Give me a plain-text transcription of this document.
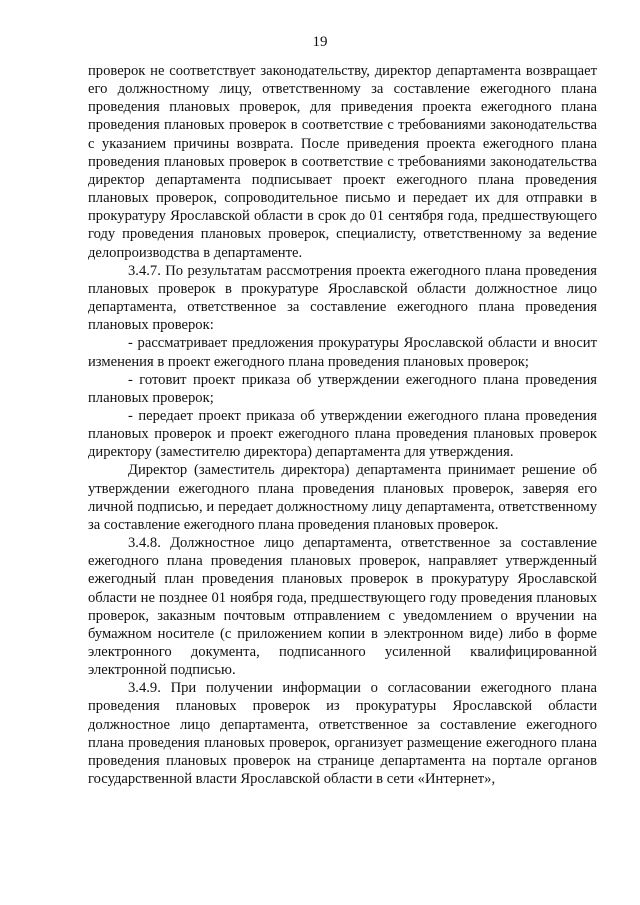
19

проверок не соответствует законодательству, директор департамента возвращает его должностному лицу, ответственному за составление ежегодного плана проведения плановых проверок, для приведения проекта ежегодного плана проведения плановых проверок в соответствие с требованиями законодательства с указанием причины возврата. После приведения проекта ежегодного плана проведения плановых проверок в соответствие с требованиями законодательства директор департамента подписывает проект ежегодного плана проведения плановых проверок, сопроводительное письмо и передает их для отправки в прокуратуру Ярославской области в срок до 01 сентября года, предшествующего году проведения плановых проверок, специалисту, ответственному за ведение делопроизводства в департаменте.

3.4.7. По результатам рассмотрения проекта ежегодного плана проведения плановых проверок в прокуратуре Ярославской области должностное лицо департамента, ответственное за составление ежегодного плана проведения плановых проверок:

- рассматривает предложения прокуратуры Ярославской области и вносит изменения в проект ежегодного плана проведения плановых проверок;

- готовит проект приказа об утверждении ежегодного плана проведения плановых проверок;

- передает проект приказа об утверждении ежегодного плана проведения плановых проверок и проект ежегодного плана проведения плановых проверок директору (заместителю директора) департамента для утверждения.

Директор (заместитель директора) департамента принимает решение об утверждении ежегодного плана проведения плановых проверок, заверяя его личной подписью, и передает должностному лицу департамента, ответственному за составление ежегодного плана проведения плановых проверок.

3.4.8. Должностное лицо департамента, ответственное за составление ежегодного плана проведения плановых проверок, направляет утвержденный ежегодный план проведения плановых проверок в прокуратуру Ярославской области не позднее 01 ноября года, предшествующего году проведения плановых проверок, заказным почтовым отправлением с уведомлением о вручении на бумажном носителе (с приложением копии в электронном виде) либо в форме электронного документа, подписанного усиленной квалифицированной электронной подписью.

3.4.9. При получении информации о согласовании ежегодного плана проведения плановых проверок из прокуратуры Ярославской области должностное лицо департамента, ответственное за составление ежегодного плана проведения плановых проверок, организует размещение ежегодного плана проведения плановых проверок на странице департамента на портале органов государственной власти Ярославской области в сети «Интернет»,
